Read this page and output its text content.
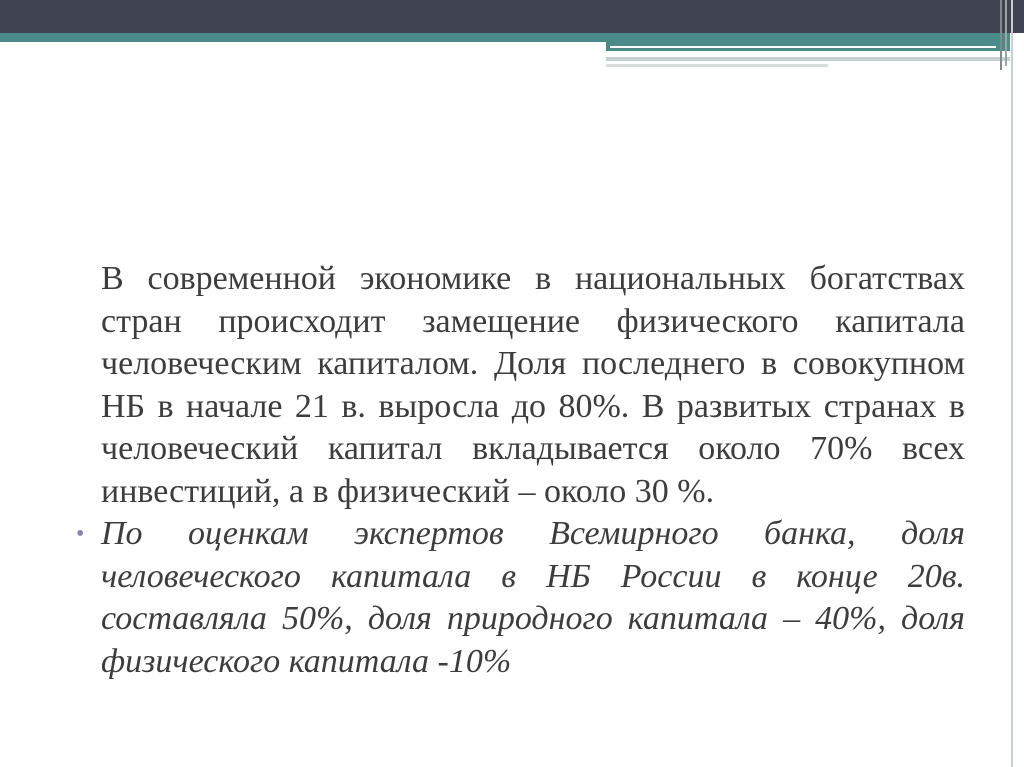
В современной экономике в национальных богатствах стран происходит замещение физического капитала человеческим капиталом. Доля последнего в совокупном НБ в начале 21 в. выросла до 80%. В развитых странах в человеческий капитал вкладывается около 70% всех инвестиций, а в физический – около 30 %.

• По оценкам экспертов Всемирного банка, доля человеческого капитала в НБ России в конце 20в. составляла 50%, доля природного капитала – 40%, доля физического капитала -10%
